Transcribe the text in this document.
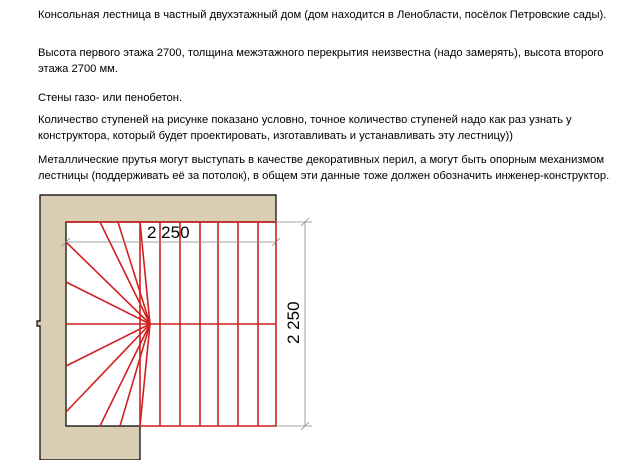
Консольная лестница в частный двухэтажный дом (дом находится в Ленобласти, посёлок Петровские сады).

Высота первого этажа 2700, толщина межэтажного перекрытия неизвестна (надо замерять), высота второго этажа 2700 мм.

Стены газо- или пенобетон.

Количество ступеней на рисунке показано условно, точное количество ступеней надо как раз узнать у конструктора, который будет проектировать, изготавливать и устанавливать эту лестницу))

Металлические прутья могут выступать в качестве декоративных перил, а могут быть опорным механизмом лестницы (поддерживать её за потолок), в общем эти данные тоже должен обозначить инженер-конструктор.

2 250
2 250
